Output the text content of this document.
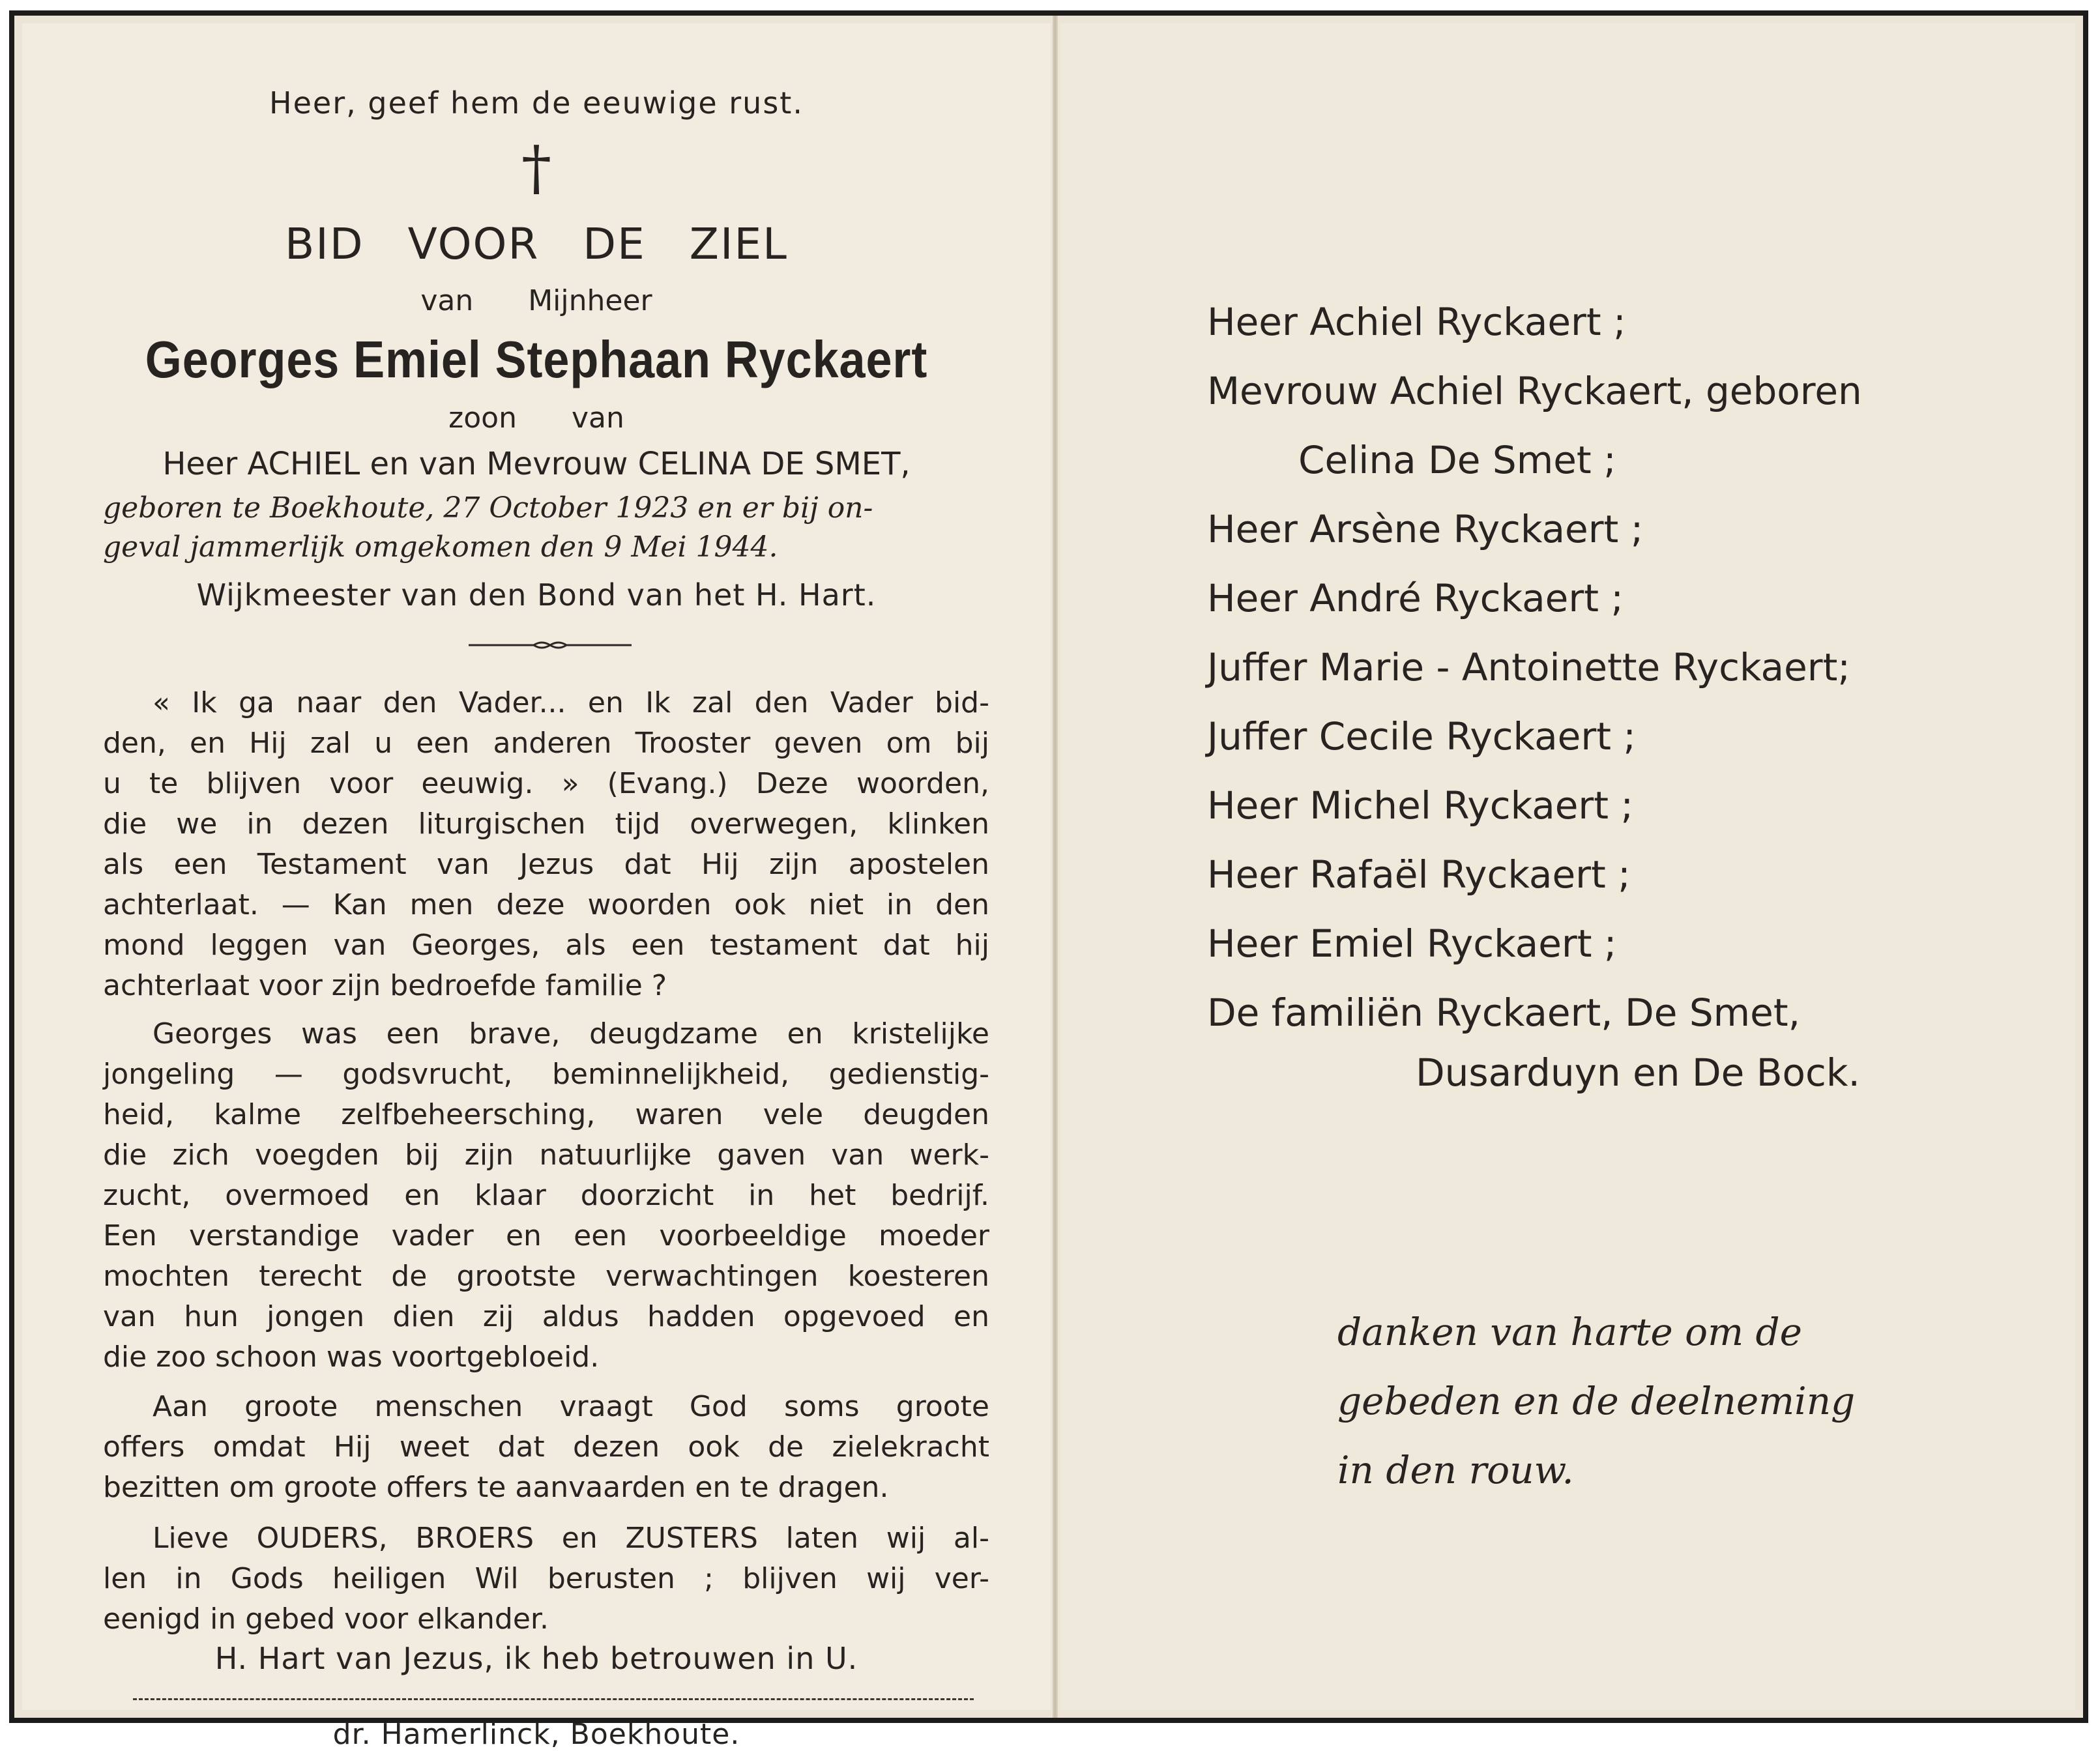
Heer, geef hem de eeuwige rust.
†
BID VOOR DE ZIEL
van Mijnheer
Georges Emiel Stephaan Ryckaert
zoon van
Heer ACHIEL en van Mevrouw CELINA DE SMET,
geboren te Boekhoute, 27 October 1923 en er bij on-
geval jammerlijk omgekomen den 9 Mei 1944.
Wijkmeester van den Bond van het H. Hart.

« Ik ga naar den Vader... en Ik zal den Vader bid-

den, en Hij zal u een anderen Trooster geven om bij

u te blijven voor eeuwig. » (Evang.) Deze woorden,

die we in dezen liturgischen tijd overwegen, klinken

als een Testament van Jezus dat Hij zijn apostelen

achterlaat. — Kan men deze woorden ook niet in den

mond leggen van Georges, als een testament dat hij

achterlaat voor zijn bedroefde familie ?

Georges was een brave, deugdzame en kristelijke

jongeling — godsvrucht, beminnelijkheid, gedienstig-

heid, kalme zelfbeheersching, waren vele deugden

die zich voegden bij zijn natuurlijke gaven van werk-

zucht, overmoed en klaar doorzicht in het bedrijf.

Een verstandige vader en een voorbeeldige moeder

mochten terecht de grootste verwachtingen koesteren

van hun jongen dien zij aldus hadden opgevoed en

die zoo schoon was voortgebloeid.

Aan groote menschen vraagt God soms groote

offers omdat Hij weet dat dezen ook de zielekracht

bezitten om groote offers te aanvaarden en te dragen.

Lieve OUDERS, BROERS en ZUSTERS laten wij al-

len in Gods heiligen Wil berusten ; blijven wij ver-

eenigd in gebed voor elkander.

H. Hart van Jezus, ik heb betrouwen in U.
dr. Hamerlinck, Boekhoute.
Heer Achiel Ryckaert ;
Mevrouw Achiel Ryckaert, geboren
Celina De Smet ;
Heer Arsène Ryckaert ;
Heer André Ryckaert ;
Juffer Marie - Antoinette Ryckaert;
Juffer Cecile Ryckaert ;
Heer Michel Ryckaert ;
Heer Rafaël Ryckaert ;
Heer Emiel Ryckaert ;
De familiën Ryckaert, De Smet,
Dusarduyn en De Bock.
danken van harte om de
gebeden en de deelneming
in den rouw.
